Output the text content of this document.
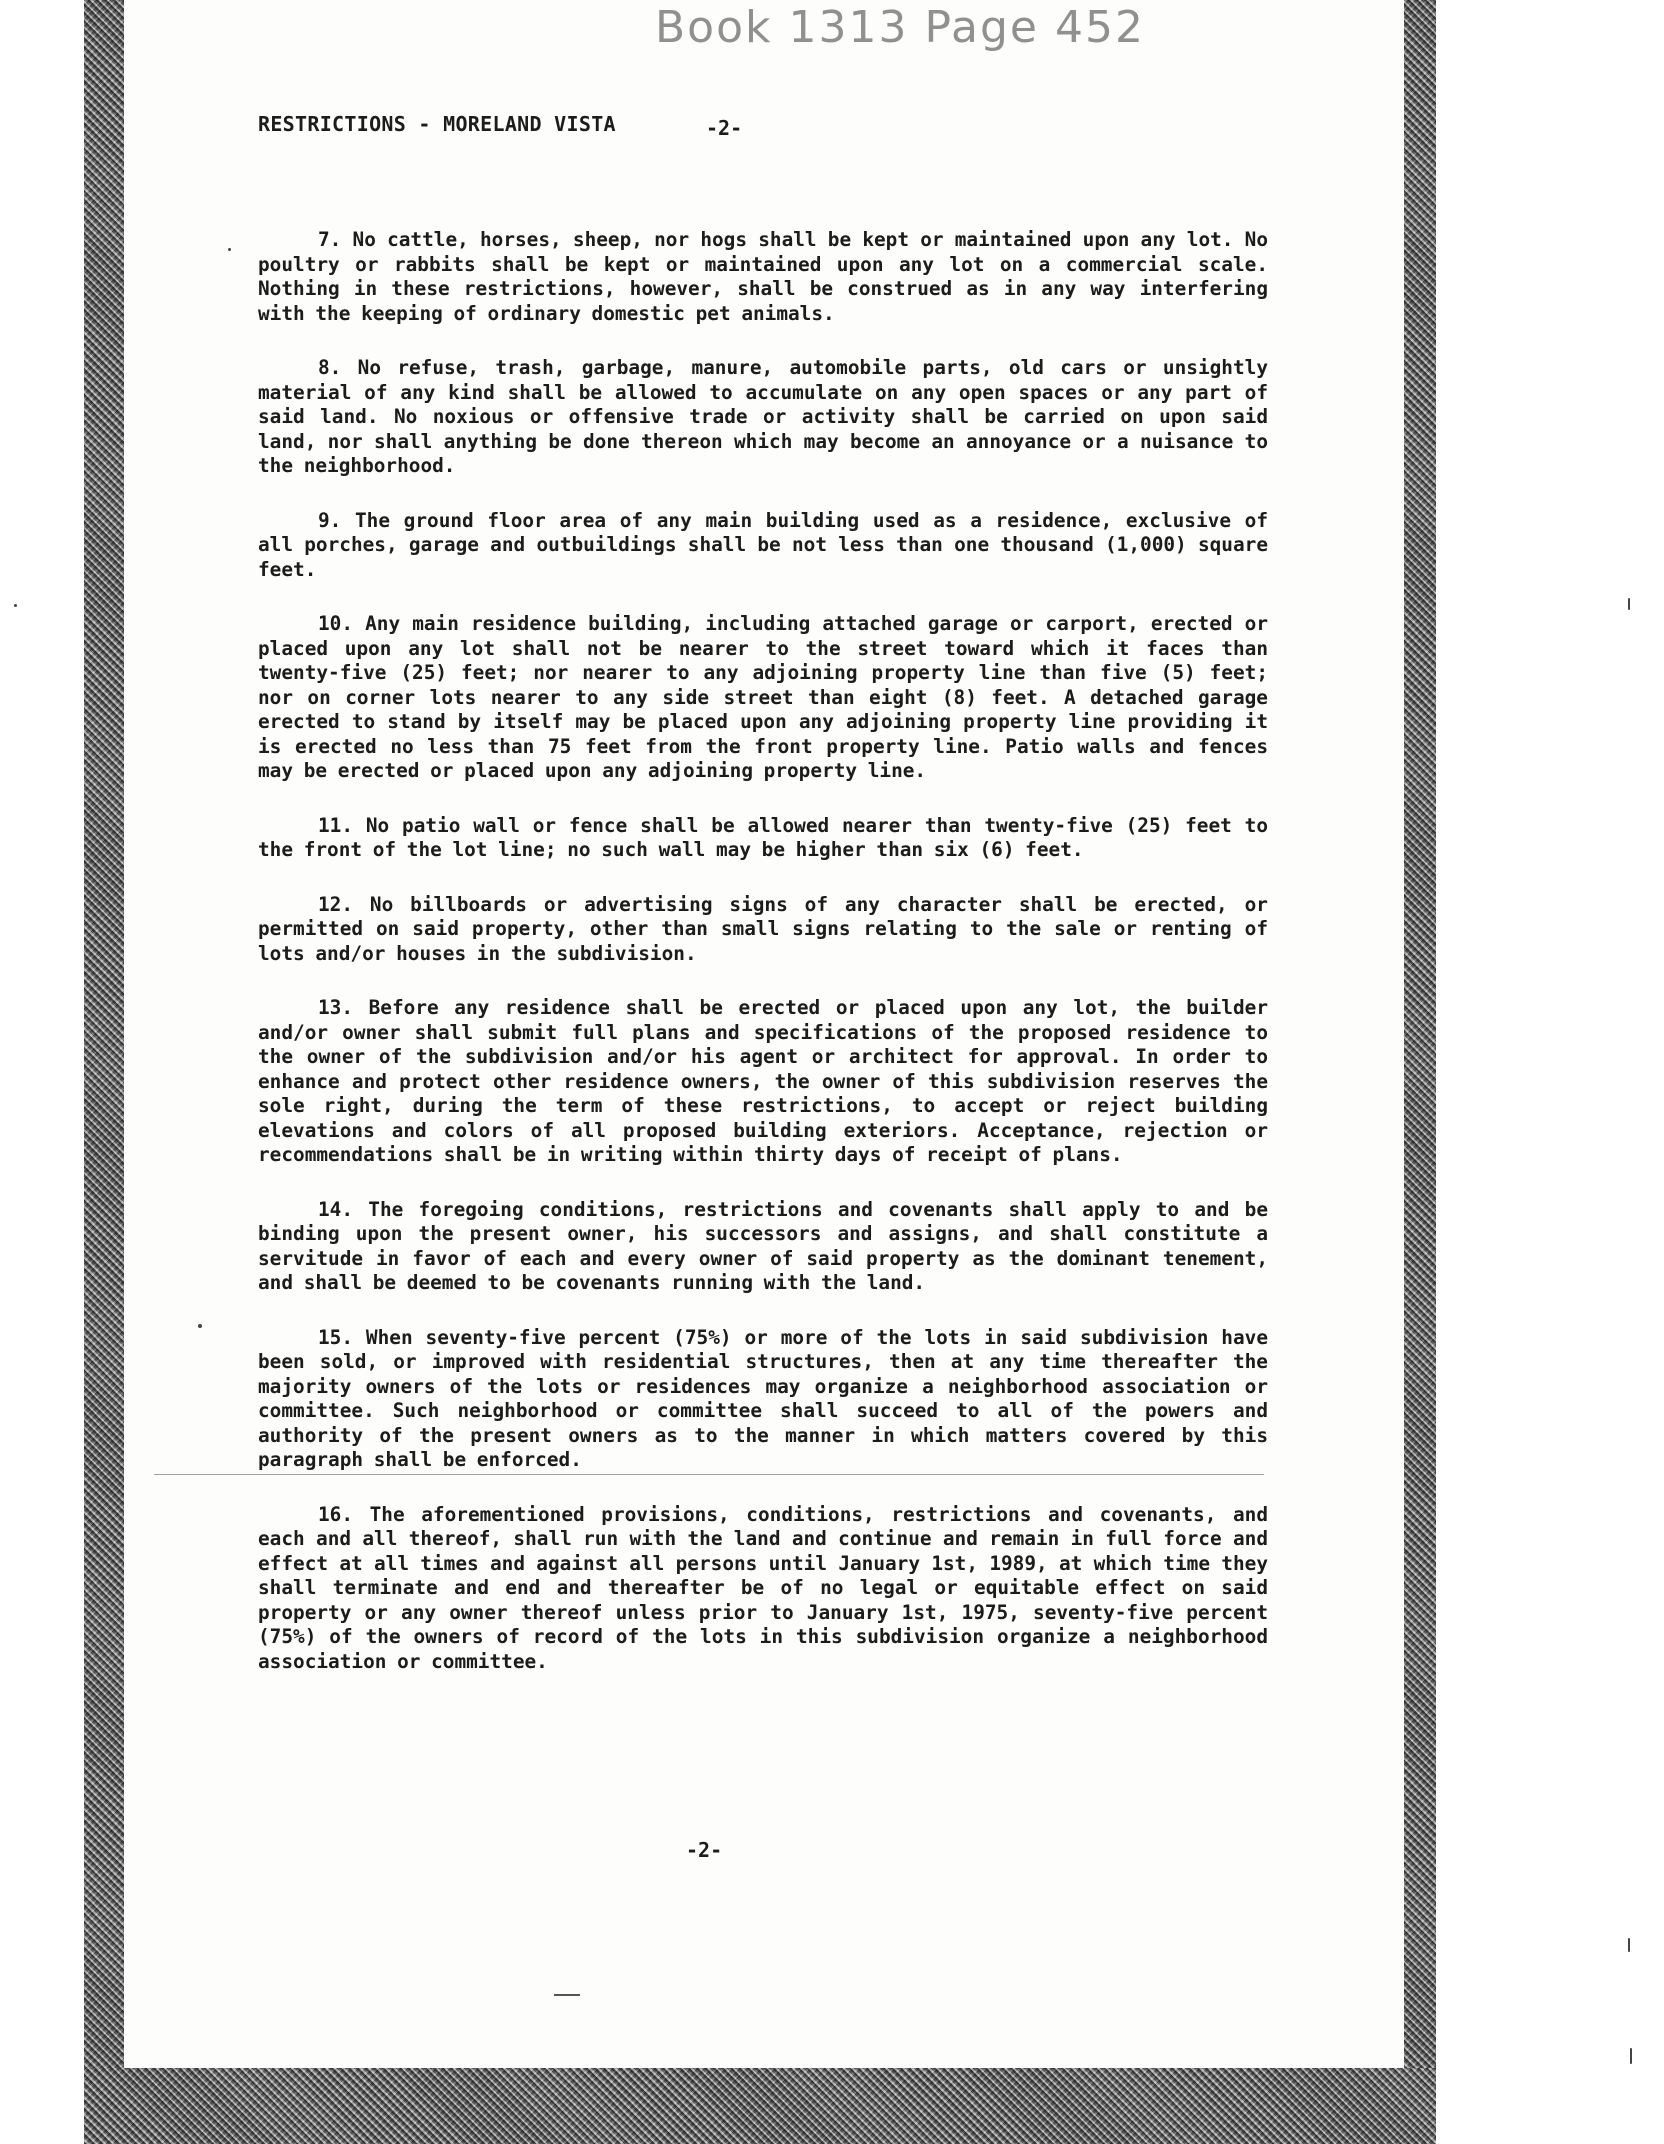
Book 1313 Page 452
RESTRICTIONS - MORELAND VISTA	-2-

7. No cattle, horses, sheep, nor hogs shall be kept or maintained upon any lot. No poultry or rabbits shall be kept or maintained upon any lot on a commercial scale. Nothing in these restrictions, however, shall be construed as in any way interfering with the keeping of ordinary domestic pet animals.

8. No refuse, trash, garbage, manure, automobile parts, old cars or unsightly material of any kind shall be allowed to accumulate on any open spaces or any part of said land. No noxious or offensive trade or activity shall be carried on upon said land, nor shall anything be done thereon which may become an annoyance or a nuisance to the neighborhood.

9. The ground floor area of any main building used as a residence, exclusive of all porches, garage and outbuildings shall be not less than one thousand (1,000) square feet.

10. Any main residence building, including attached garage or carport, erected or placed upon any lot shall not be nearer to the street toward which it faces than twenty-five (25) feet; nor nearer to any adjoining property line than five (5) feet; nor on corner lots nearer to any side street than eight (8) feet. A detached garage erected to stand by itself may be placed upon any adjoining property line providing it is erected no less than 75 feet from the front property line. Patio walls and fences may be erected or placed upon any adjoining property line.

11. No patio wall or fence shall be allowed nearer than twenty-five (25) feet to the front of the lot line; no such wall may be higher than six (6) feet.

12. No billboards or advertising signs of any character shall be erected, or permitted on said property, other than small signs relating to the sale or renting of lots and/or houses in the subdivision.

13. Before any residence shall be erected or placed upon any lot, the builder and/or owner shall submit full plans and specifications of the proposed residence to the owner of the subdivision and/or his agent or architect for approval. In order to enhance and protect other residence owners, the owner of this subdivision reserves the sole right, during the term of these restrictions, to accept or reject building elevations and colors of all proposed building exteriors. Acceptance, rejection or recommendations shall be in writing within thirty days of receipt of plans.

14. The foregoing conditions, restrictions and covenants shall apply to and be binding upon the present owner, his successors and assigns, and shall constitute a servitude in favor of each and every owner of said property as the dominant tenement, and shall be deemed to be covenants running with the land.

15. When seventy-five percent (75%) or more of the lots in said subdivision have been sold, or improved with residential structures, then at any time thereafter the majority owners of the lots or residences may organize a neighborhood association or committee. Such neighborhood or committee shall succeed to all of the powers and authority of the present owners as to the manner in which matters covered by this paragraph shall be enforced.

16. The aforementioned provisions, conditions, restrictions and covenants, and each and all thereof, shall run with the land and continue and remain in full force and effect at all times and against all persons until January 1st, 1989, at which time they shall terminate and end and thereafter be of no legal or equitable effect on said property or any owner thereof unless prior to January 1st, 1975, seventy-five percent (75%) of the owners of record of the lots in this subdivision organize a neighborhood association or committee.

-2-
